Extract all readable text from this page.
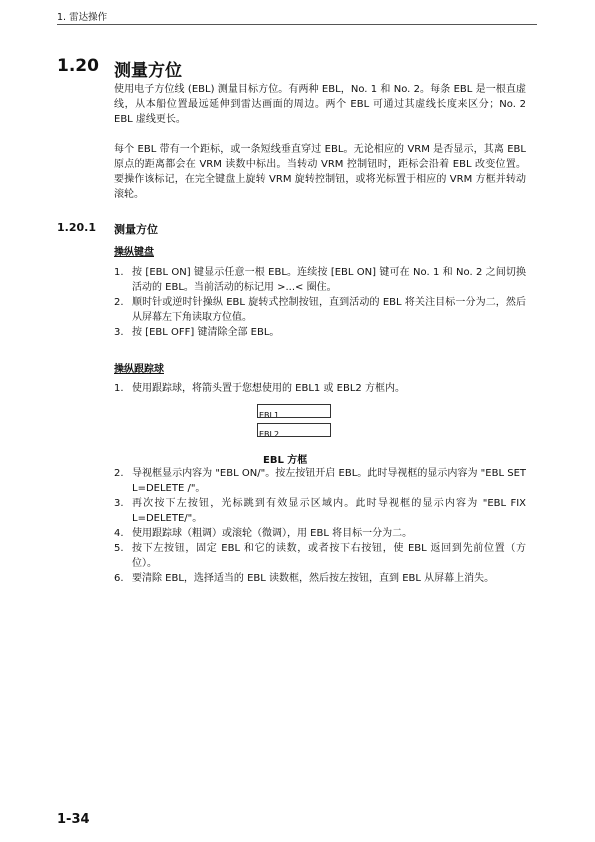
1. 雷达操作
1.20 测量方位
使用电子方位线 (EBL) 测量目标方位。有两种 EBL，No. 1 和 No. 2。每条 EBL 是一根直虚线，从本船位置最远延伸到雷达画面的周边。两个 EBL 可通过其虚线长度来区分；No. 2 EBL 虚线更长。
每个 EBL 带有一个距标，或一条短线垂直穿过 EBL。无论相应的 VRM 是否显示，其离 EBL 原点的距离都会在 VRM 读数中标出。当转动 VRM 控制钮时，距标会沿着 EBL 改变位置。要操作该标记，在完全键盘上旋转 VRM 旋转控制钮，或将光标置于相应的 VRM 方框并转动滚轮。
1.20.1 测量方位
操纵键盘
1. 按 [EBL ON] 键显示任意一根 EBL。连续按 [EBL ON] 键可在 No. 1 和 No. 2 之间切换活动的 EBL。当前活动的标记用 >...< 圈住。
2. 顺时针或逆时针操纵 EBL 旋转式控制按钮，直到活动的 EBL 将关注目标一分为二，然后从屏幕左下角读取方位值。
3. 按 [EBL OFF] 键清除全部 EBL。
操纵跟踪球
1. 使用跟踪球，将箭头置于您想使用的 EBL1 或 EBL2 方框内。
EBL1
EBL2
EBL 方框
2. 导视框显示内容为 "EBL ON/"。按左按钮开启 EBL。此时导视框的显示内容为 "EBL SET L=DELETE /"。
3. 再次按下左按钮，光标跳到有效显示区域内。此时导视框的显示内容为 "EBL FIX L=DELETE/"。
4. 使用跟踪球（粗调）或滚轮（微调），用 EBL 将目标一分为二。
5. 按下左按钮，固定 EBL 和它的读数，或者按下右按钮，使 EBL 返回到先前位置（方位）。
6. 要清除 EBL，选择适当的 EBL 读数框，然后按左按钮，直到 EBL 从屏幕上消失。
1-34
